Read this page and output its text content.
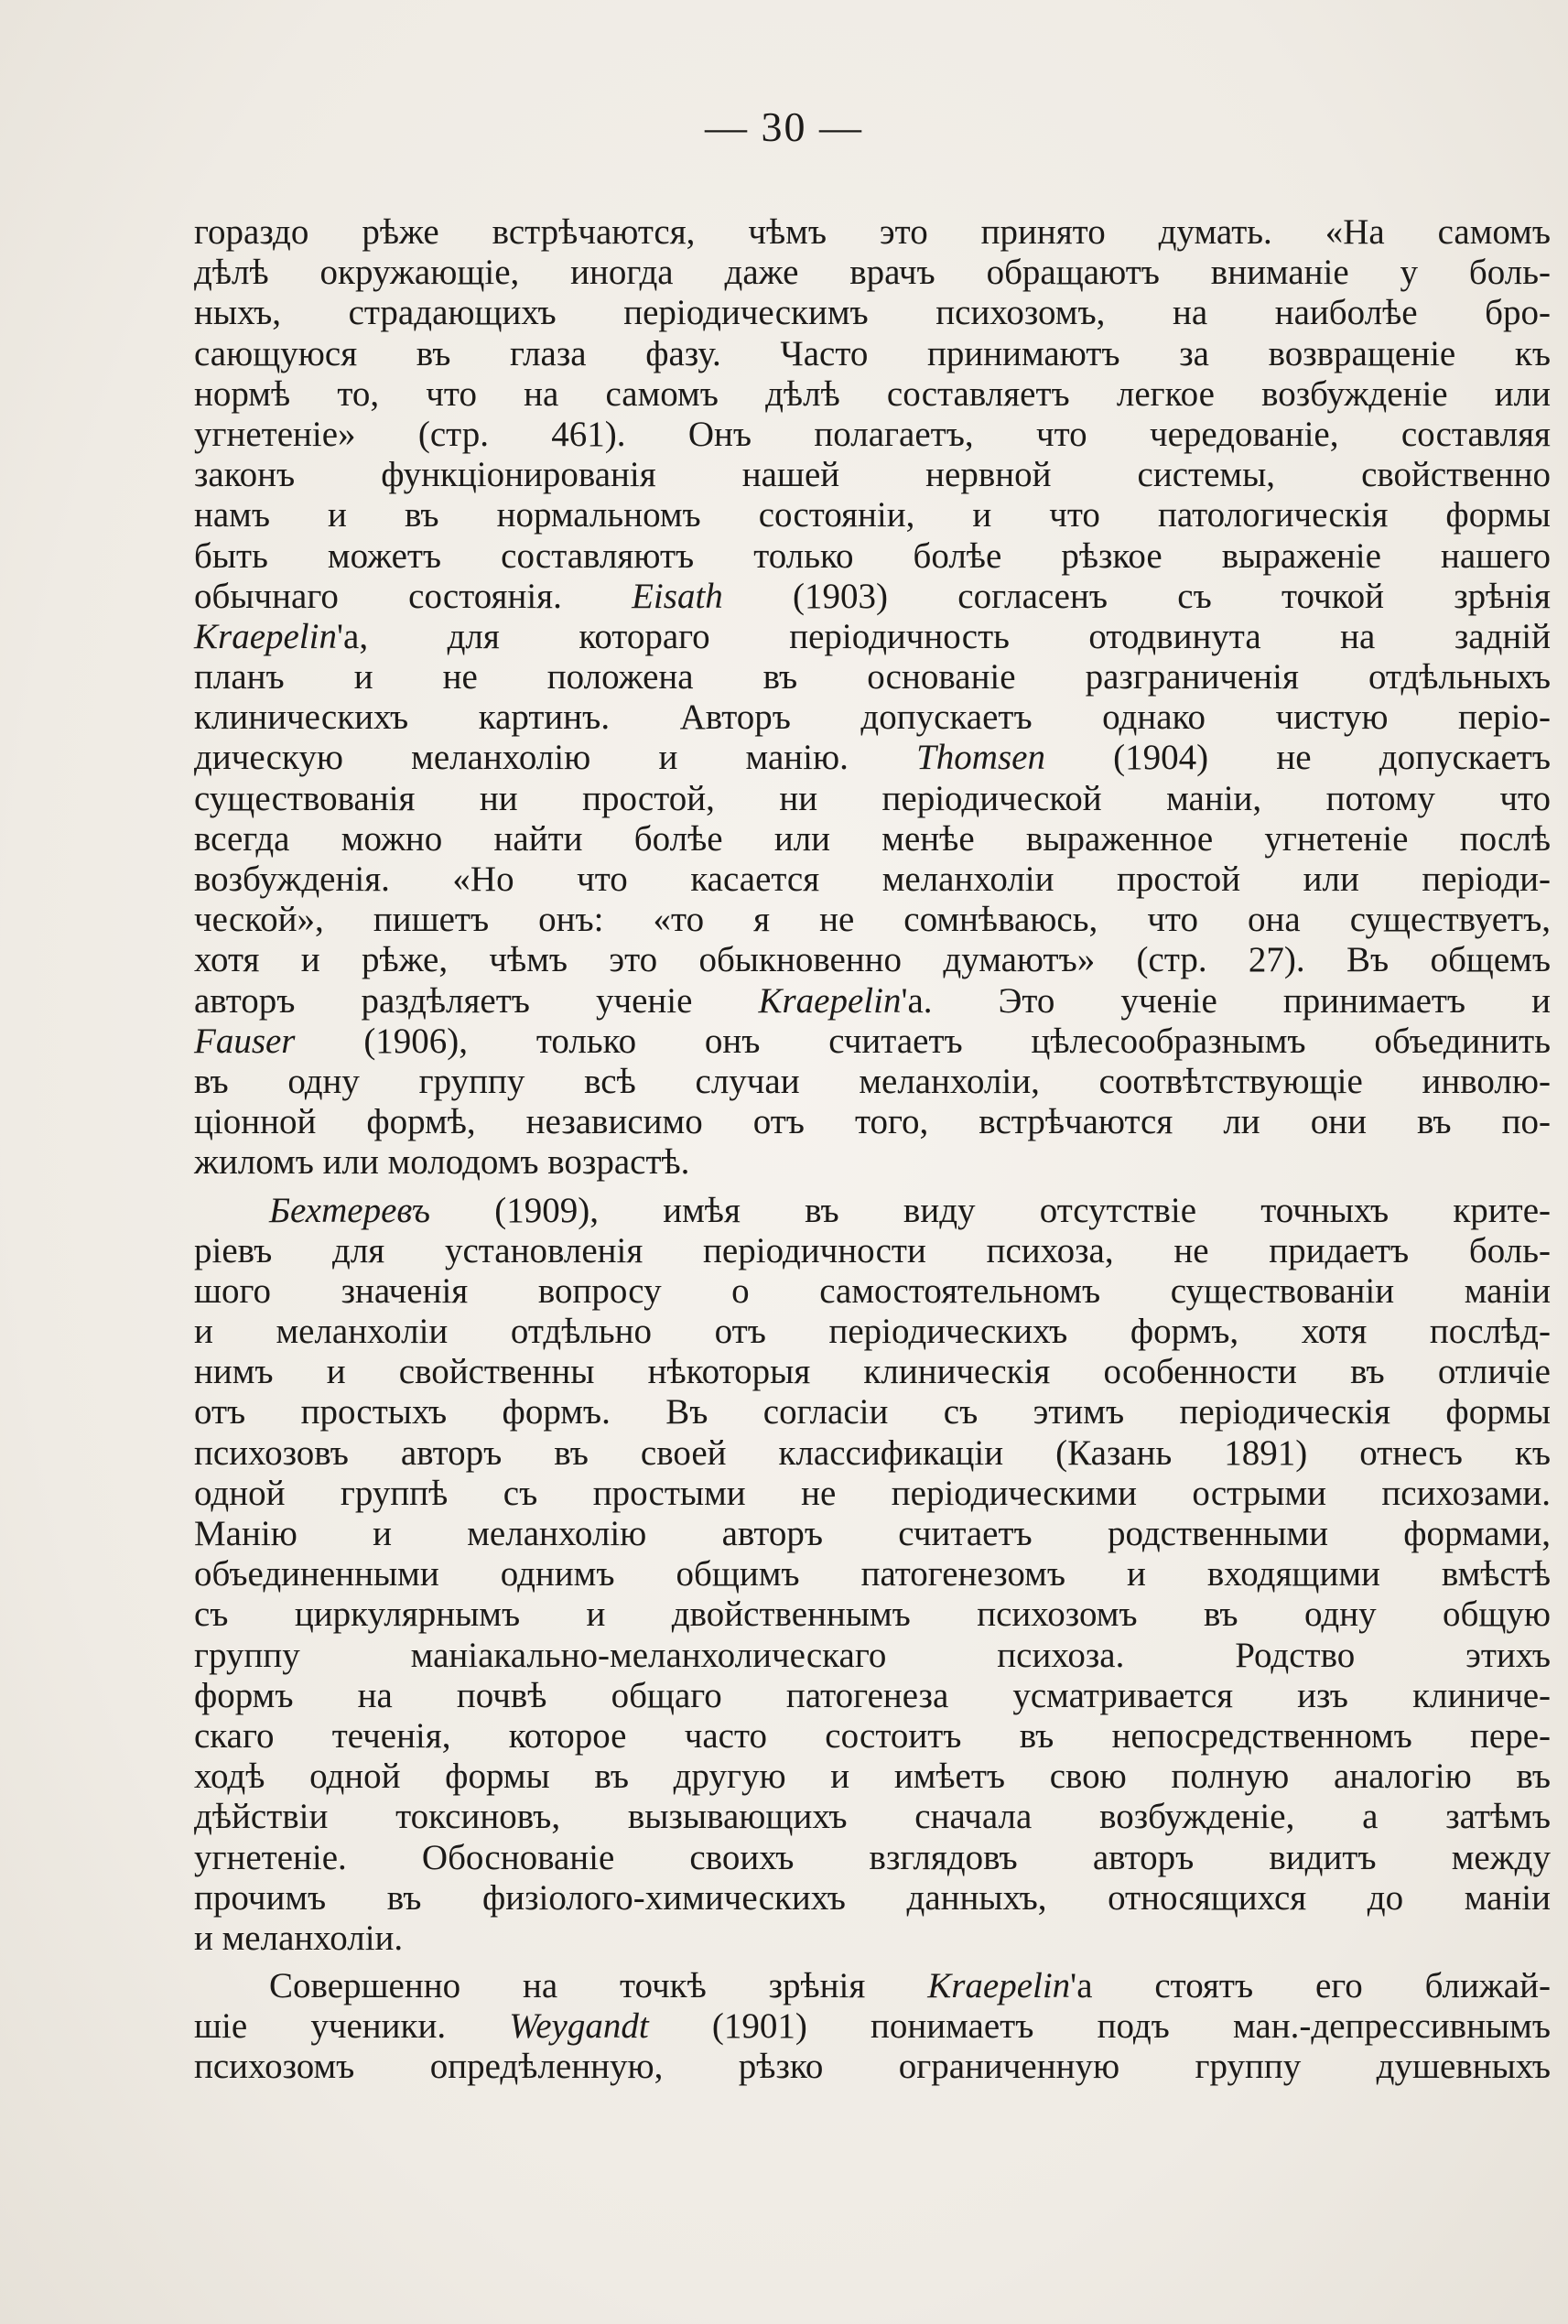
— 30 —
гораздо рѣже встрѣчаются, чѣмъ это принято думать. «На самомъ
дѣлѣ окружающіе, иногда даже врачъ обращаютъ вниманіе у боль-
ныхъ, страдающихъ періодическимъ психозомъ, на наиболѣе бро-
сающуюся въ глаза фазу. Часто принимаютъ за возвращеніе къ
нормѣ то, что на самомъ дѣлѣ составляетъ легкое возбужденіе или
угнетеніе» (стр. 461). Онъ полагаетъ, что чередованіе, составляя
законъ функціонированія нашей нервной системы, свойственно
намъ и въ нормальномъ состояніи, и что патологическія формы
быть можетъ составляютъ только болѣе рѣзкое выраженіе нашего
обычнаго состоянія. Eisath (1903) согласенъ съ точкой зрѣнія
Kraepelin'а, для котораго періодичность отодвинута на задній
планъ и не положена въ основаніе разграниченія отдѣльныхъ
клиническихъ картинъ. Авторъ допускаетъ однако чистую періо-
дическую меланхолію и манію. Thomsen (1904) не допускаетъ
существованія ни простой, ни періодической маніи, потому что
всегда можно найти болѣе или менѣе выраженное угнетеніе послѣ
возбужденія. «Но что касается меланхоліи простой или періоди-
ческой», пишетъ онъ: «то я не сомнѣваюсь, что она существуетъ,
хотя и рѣже, чѣмъ это обыкновенно думаютъ» (стр. 27). Въ общемъ
авторъ раздѣляетъ ученіе Kraepelin'а. Это ученіе принимаетъ и
Fauser (1906), только онъ считаетъ цѣлесообразнымъ объединить
въ одну группу всѣ случаи меланхоліи, соотвѣтствующіе инволю-
ціонной формѣ, независимо отъ того, встрѣчаются ли они въ по-
жиломъ или молодомъ возрастѣ.
Бехтеревъ (1909), имѣя въ виду отсутствіе точныхъ крите-
ріевъ для установленія періодичности психоза, не придаетъ боль-
шого значенія вопросу о самостоятельномъ существованіи маніи
и меланхоліи отдѣльно отъ періодическихъ формъ, хотя послѣд-
нимъ и свойственны нѣкоторыя клиническія особенности въ отличіе
отъ простыхъ формъ. Въ согласіи съ этимъ періодическія формы
психозовъ авторъ въ своей классификаціи (Казань 1891) отнесъ къ
одной группѣ съ простыми не періодическими острыми психозами.
Манію и меланхолію авторъ считаетъ родственными формами,
объединенными однимъ общимъ патогенезомъ и входящими вмѣстѣ
съ циркулярнымъ и двойственнымъ психозомъ въ одну общую
группу маніакально-меланхолическаго психоза. Родство этихъ
формъ на почвѣ общаго патогенеза усматривается изъ клиниче-
скаго теченія, которое часто состоитъ въ непосредственномъ пере-
ходѣ одной формы въ другую и имѣетъ свою полную аналогію въ
дѣйствіи токсиновъ, вызывающихъ сначала возбужденіе, а затѣмъ
угнетеніе. Обоснованіе своихъ взглядовъ авторъ видитъ между
прочимъ въ физіолого-химическихъ данныхъ, относящихся до маніи
и меланхоліи.
Совершенно на точкѣ зрѣнія Kraepelin'а стоятъ его ближай-
шіе ученики. Weygandt (1901) понимаетъ подъ ман.-депрессивнымъ
психозомъ опредѣленную, рѣзко ограниченную группу душевныхъ
